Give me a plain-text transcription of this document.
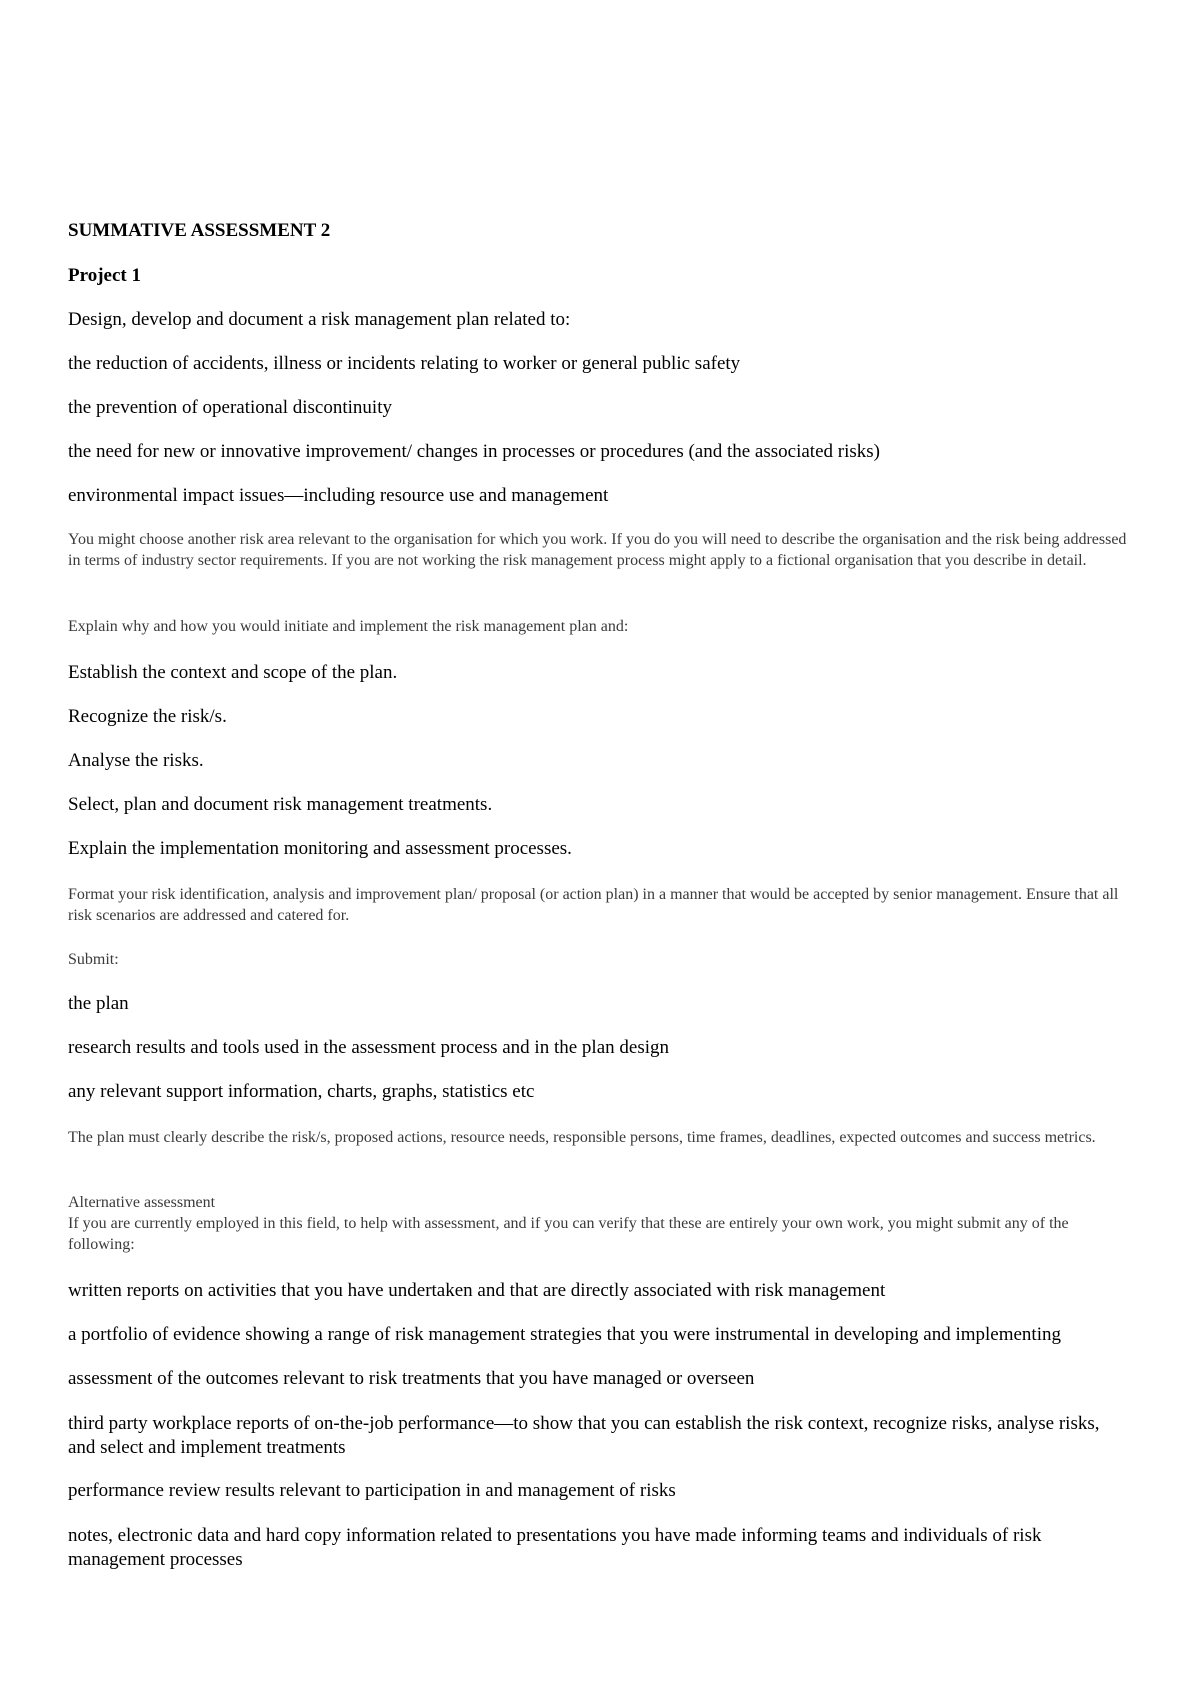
SUMMATIVE ASSESSMENT 2

Project 1

Design, develop and document a risk management plan related to:

the reduction of accidents, illness or incidents relating to worker or general public safety

the prevention of operational discontinuity

the need for new or innovative improvement/ changes in processes or procedures (and the associated risks)

environmental impact issues—including resource use and management

You might choose another risk area relevant to the organisation for which you work. If you do you will need to describe the organisation and the risk being addressed in terms of industry sector requirements. If you are not working the risk management process might apply to a fictional organisation that you describe in detail.

Explain why and how you would initiate and implement the risk management plan and:

Establish the context and scope of the plan.

Recognize the risk/s.

Analyse the risks.

Select, plan and document risk management treatments.

Explain the implementation monitoring and assessment processes.

Format your risk identification, analysis and improvement plan/ proposal (or action plan) in a manner that would be accepted by senior management. Ensure that all risk scenarios are addressed and catered for.

Submit:

the plan

research results and tools used in the assessment process and in the plan design

any relevant support information, charts, graphs, statistics etc

The plan must clearly describe the risk/s, proposed actions, resource needs, responsible persons, time frames, deadlines, expected outcomes and success metrics.

Alternative assessment

If you are currently employed in this field, to help with assessment, and if you can verify that these are entirely your own work, you might submit any of the following:

written reports on activities that you have undertaken and that are directly associated with risk management

a portfolio of evidence showing a range of risk management strategies that you were instrumental in developing and implementing

assessment of the outcomes relevant to risk treatments that you have managed or overseen

third party workplace reports of on-the-job performance—to show that you can establish the risk context, recognize risks, analyse risks, and select and implement treatments

performance review results relevant to participation in and management of risks

notes, electronic data and hard copy information related to presentations you have made informing teams and individuals of risk management processes
